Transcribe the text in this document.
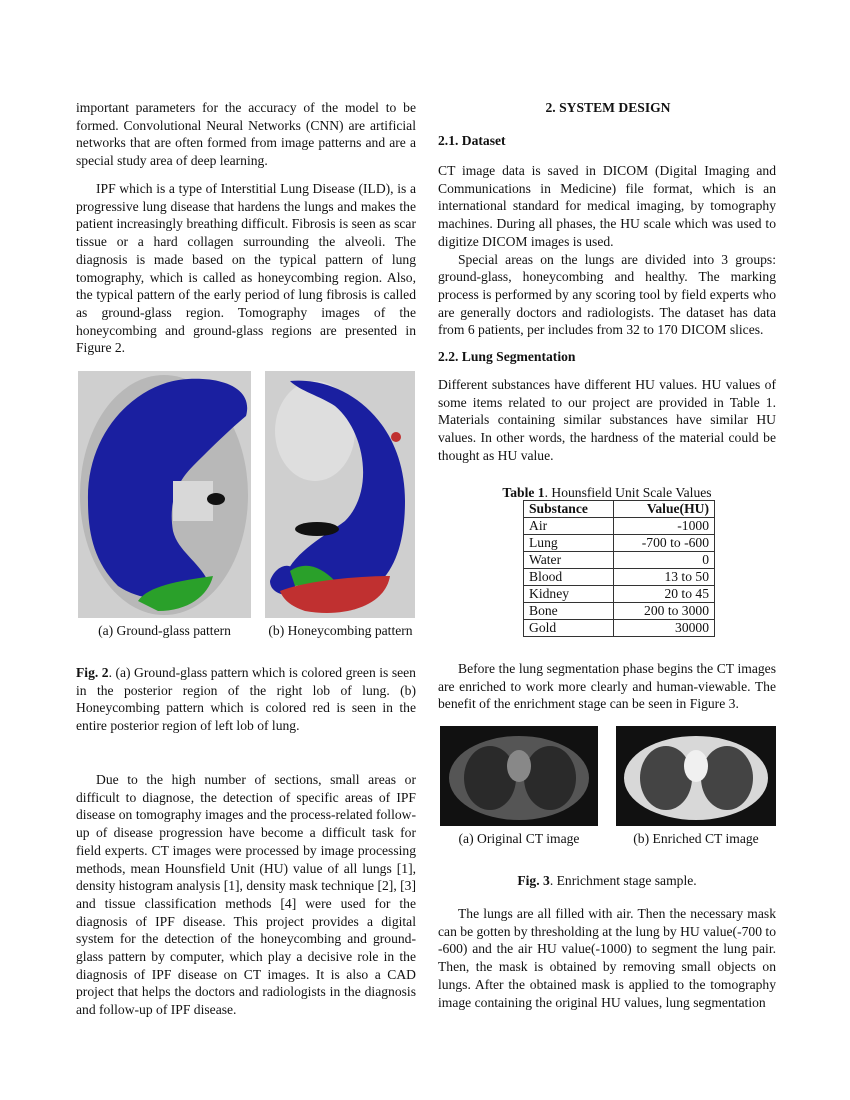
important parameters for the accuracy of the model to be formed. Convolutional Neural Networks (CNN) are artificial networks that are often formed from image patterns and are a special study area of deep learning.

IPF which is a type of Interstitial Lung Disease (ILD), is a progressive lung disease that hardens the lungs and makes the patient increasingly breathing difficult. Fibrosis is seen as scar tissue or a hard collagen surrounding the alveoli. The diagnosis is made based on the typical pattern of lung tomography, which is called as honeycombing region. Also, the typical pattern of the early period of lung fibrosis is called as ground-glass region. Tomography images of the honeycombing and ground-glass regions are presented in Figure 2.

(a) Ground-glass pattern	(b) Honeycombing pattern
Fig. 2. (a) Ground-glass pattern which is colored green is seen in the posterior region of the right lob of lung. (b) Honeycombing pattern which is colored red is seen in the entire posterior region of left lob of lung.

Due to the high number of sections, small areas or difficult to diagnose, the detection of specific areas of IPF disease on tomography images and the process-related follow-up of disease progression have become a difficult task for field experts. CT images were processed by image processing methods, mean Hounsfield Unit (HU) value of all lungs [1], density histogram analysis [1], density mask technique [2], [3] and tissue classification methods [4] were used for the diagnosis of IPF disease. This project provides a digital system for the detection of the honeycombing and ground-glass pattern by computer, which play a decisive role in the diagnosis of IPF disease on CT images. It is also a CAD project that helps the doctors and radiologists in the diagnosis and follow-up of IPF disease.

2. SYSTEM DESIGN
2.1. Dataset

CT image data is saved in DICOM (Digital Imaging and Communications in Medicine) file format, which is an international standard for medical imaging, by tomography machines. During all phases, the HU scale which was used to digitize DICOM images is used.

Special areas on the lungs are divided into 3 groups: ground-glass, honeycombing and healthy. The marking process is performed by any scoring tool by field experts who are generally doctors and radiologists. The dataset has data from 6 patients, per includes from 32 to 170 DICOM slices.

2.2. Lung Segmentation

Different substances have different HU values. HU values of some items related to our project are provided in Table 1. Materials containing similar substances have similar HU values. In other words, the hardness of the material could be thought as HU value.

Table 1. Hounsfield Unit Scale Values
Substance	Value(HU)
Air	-1000
Lung	-700 to -600
Water	0
Blood	13 to 50
Kidney	20 to 45
Bone	200 to 3000
Gold	30000

Before the lung segmentation phase begins the CT images are enriched to work more clearly and human-viewable. The benefit of the enrichment stage can be seen in Figure 3.

(a) Original CT image	(b) Enriched CT image
Fig. 3. Enrichment stage sample.

The lungs are all filled with air. Then the necessary mask can be gotten by thresholding at the lung by HU value(-700 to -600) and the air HU value(-1000) to segment the lung pair. Then, the mask is obtained by removing small objects on lungs. After the obtained mask is applied to the tomography image containing the original HU values, lung segmentation
